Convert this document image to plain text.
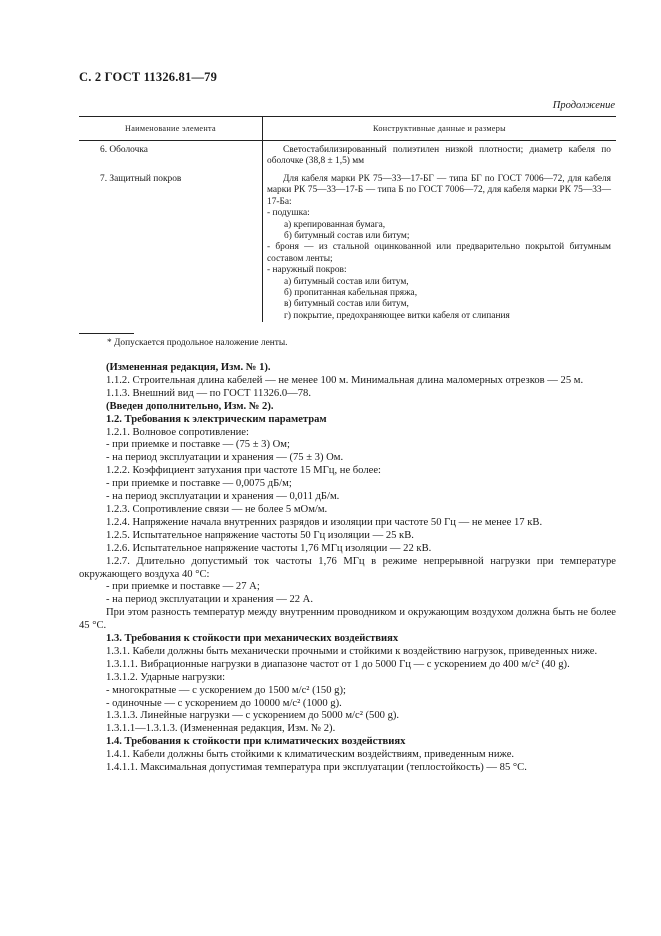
С. 2 ГОСТ 11326.81—79
Продолжение
Наименование элемента	Конструктивные данные и размеры
6. Оболочка	Светостабилизированный полиэтилен низкой плотности; диаметр кабеля по оболочке (38,8 ± 1,5) мм

7. Защитный покров	Для кабеля марки РК 75—33—17-БГ — типа БГ по ГОСТ 7006—72, для кабеля марки РК 75—33—17-Б — типа Б по ГОСТ 7006—72, для кабеля марки РК 75—33—17-Ба:

- подушка:

а) крепированная бумага,

б) битумный состав или битум;

- броня — из стальной оцинкованной или предварительно покрытой битумным составом ленты;

- наружный покров:

а) битумный состав или битум,

б) пропитанная кабельная пряжа,

в) битумный состав или битум,

г) покрытие, предохраняющее витки кабеля от слипания

* Допускается продольное наложение ленты.

(Измененная редакция, Изм. № 1).

1.1.2. Строительная длина кабелей — не менее 100 м. Минимальная длина маломерных отрезков — 25 м.

1.1.3. Внешний вид — по ГОСТ 11326.0—78.

(Введен дополнительно, Изм. № 2).

1.2. Требования к электрическим параметрам

1.2.1. Волновое сопротивление:

- при приемке и поставке — (75 ± 3) Ом;

- на период эксплуатации и хранения — (75 ± 3) Ом.

1.2.2. Коэффициент затухания при частоте 15 МГц, не более:

- при приемке и поставке — 0,0075 дБ/м;

- на период эксплуатации и хранения — 0,011 дБ/м.

1.2.3. Сопротивление связи — не более 5 мОм/м.

1.2.4. Напряжение начала внутренних разрядов и изоляции при частоте 50 Гц — не менее 17 кВ.

1.2.5. Испытательное напряжение частоты 50 Гц изоляции — 25 кВ.

1.2.6. Испытательное напряжение частоты 1,76 МГц изоляции — 22 кВ.

1.2.7. Длительно допустимый ток частоты 1,76 МГц в режиме непрерывной нагрузки при температуре окружающего воздуха 40 °С:

- при приемке и поставке — 27 А;

- на период эксплуатации и хранения — 22 А.

При этом разность температур между внутренним проводником и окружающим воздухом должна быть не более 45 °С.

1.3. Требования к стойкости при механических воздействиях

1.3.1. Кабели должны быть механически прочными и стойкими к воздействию нагрузок, приведенных ниже.

1.3.1.1. Вибрационные нагрузки в диапазоне частот от 1 до 5000 Гц — с ускорением до 400 м/с² (40 g).

1.3.1.2. Ударные нагрузки:

- многократные — с ускорением до 1500 м/с² (150 g);

- одиночные — с ускорением до 10000 м/с² (1000 g).

1.3.1.3. Линейные нагрузки — с ускорением до 5000 м/с² (500 g).

1.3.1.1—1.3.1.3. (Измененная редакция, Изм. № 2).

1.4. Требования к стойкости при климатических воздействиях

1.4.1. Кабели должны быть стойкими к климатическим воздействиям, приведенным ниже.

1.4.1.1. Максимальная допустимая температура при эксплуатации (теплостойкость) — 85 °С.
